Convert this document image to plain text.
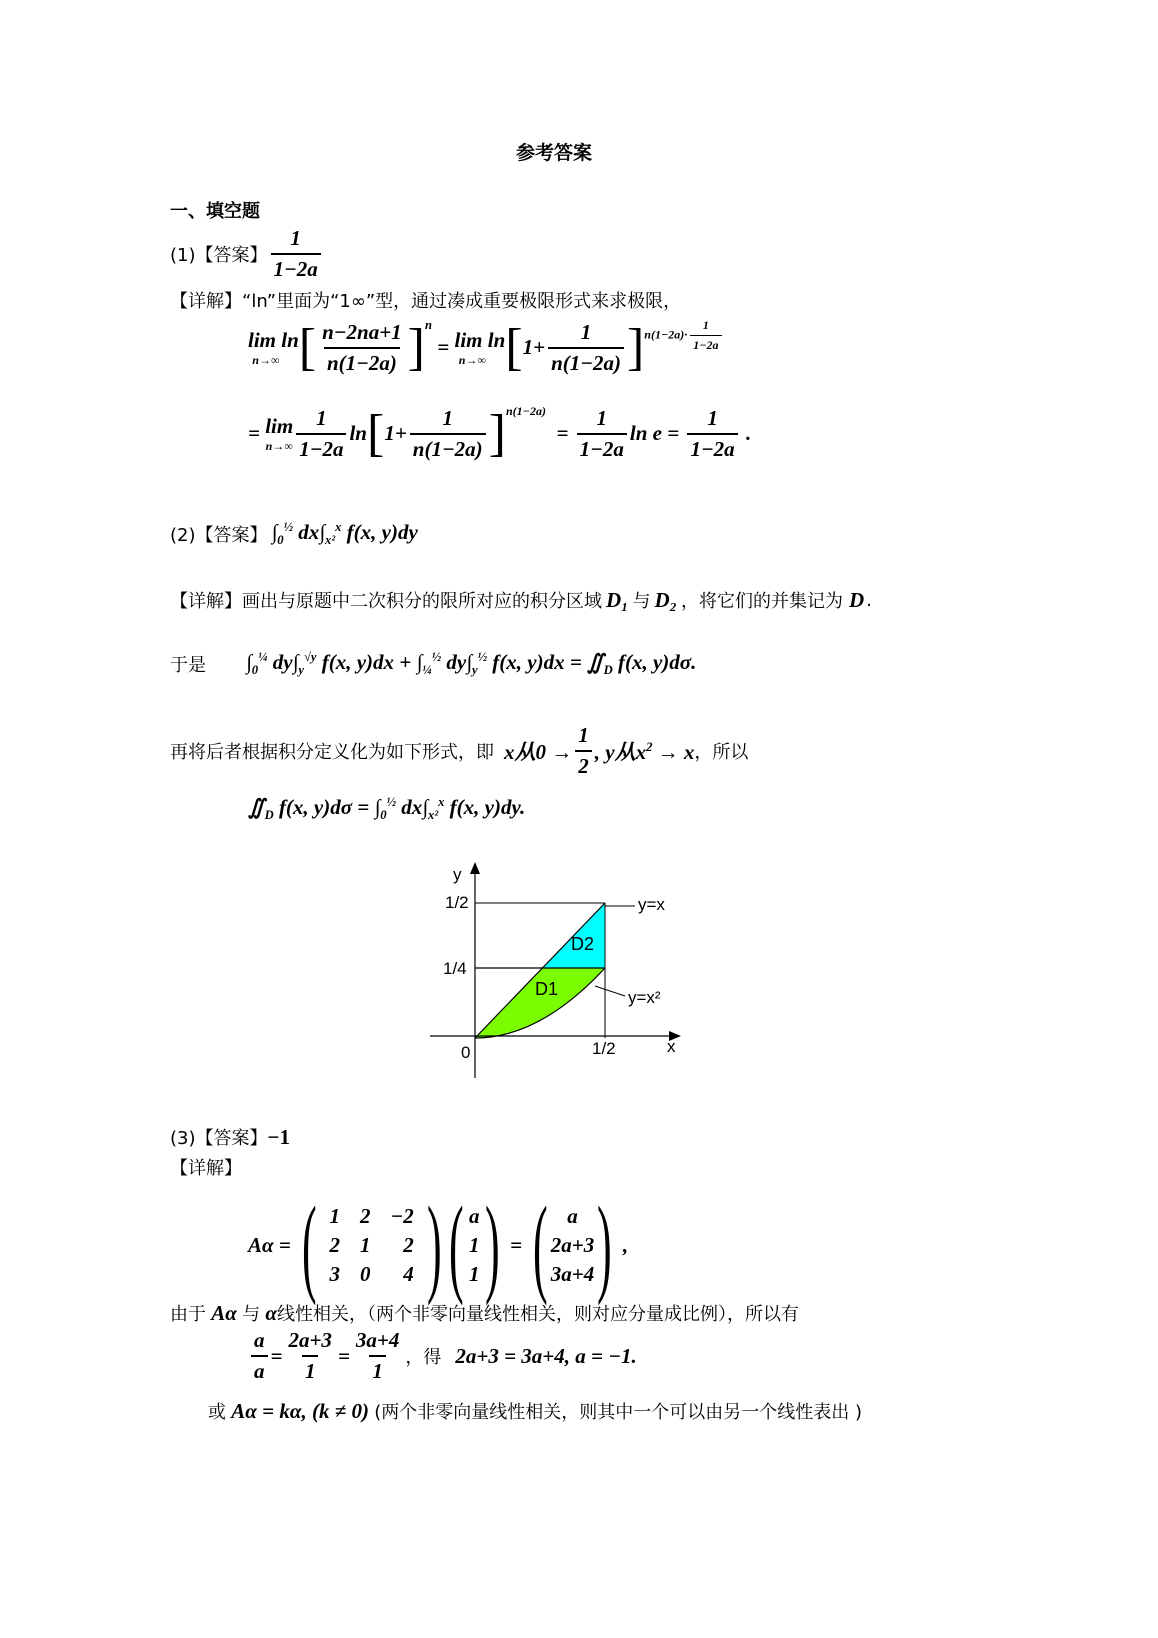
参考答案
一、填空题
(1)【答案】 $\frac{1}{1-2a}$
【详解】 “ln”里面为“1∞”型，通过凑成重要极限形式来求极限，
lim ln
n→∞ [ $\frac{n-2na+1}{n(1-2a)} ]^n$
= lim ln
n→∞ [ $1+ \frac{1}{n(1-2a)} ]^{n(1-2a)\cdot \frac{1}{1-2a}}$
= lim
$n\to\infty \frac{1}{1-2a}$ ln [ $1+ \frac{1}{n(1-2a)} ]^{n(1-2a)}$
= $\frac{1}{1-2a}$ $\ln e = \frac{1}{1-2a}$ .
(2)【答案】 $\int_0^{\frac{1}{2}}$ $dx\int_{x^2}^x$ f(x, y)dy
【详解】 画出与原题中二次积分的限所对应的积分区域 D₁ 与 D₂ ，将它们的并集记为 D .
于是	$\int_0^{\frac{1}{4}}$ $dy\int_y^{√y}$ f(x, $y)dx + \int_{\frac{1}{4}}^{\frac{1}{2}}$ $dy\int_y^{\frac{1}{2}}$ f(x, $y)dx = ∬_D$ f(x, y)dσ.
再将后者根据积分定义化为如下形式，即 x从$0 \to \frac{1}{2}$ , y从$x^2 \to x$ ，所以
$∬_D$ f(x, $y)d\sigma = \int_0^{\frac{1}{2}}$ $dx\int_{x^2}^x$ f(x, y)dy.
y
x
0
1/2
1/4
1/2
y=x
y=x²
D1
D2
(3)【答案】 −1
【详解】
Aα = ( 1	2	−2
2	1	2
3	0	4 ) ( a
1
1 ) = ( a
2a+3
3a+4 ) ,
由于 Aα 与 α 线性相关，（两个非零向量线性相关，则对应分量成比例），所以有
$\frac{a}{a} = \frac{2a+3}{1} = \frac{3a+4}{1}$ ，得 2a+3 = 3a+4, a = −1.
或 Aα = kα, (k ≠ 0) (两个非零向量线性相关，则其中一个可以由另一个线性表出 )
